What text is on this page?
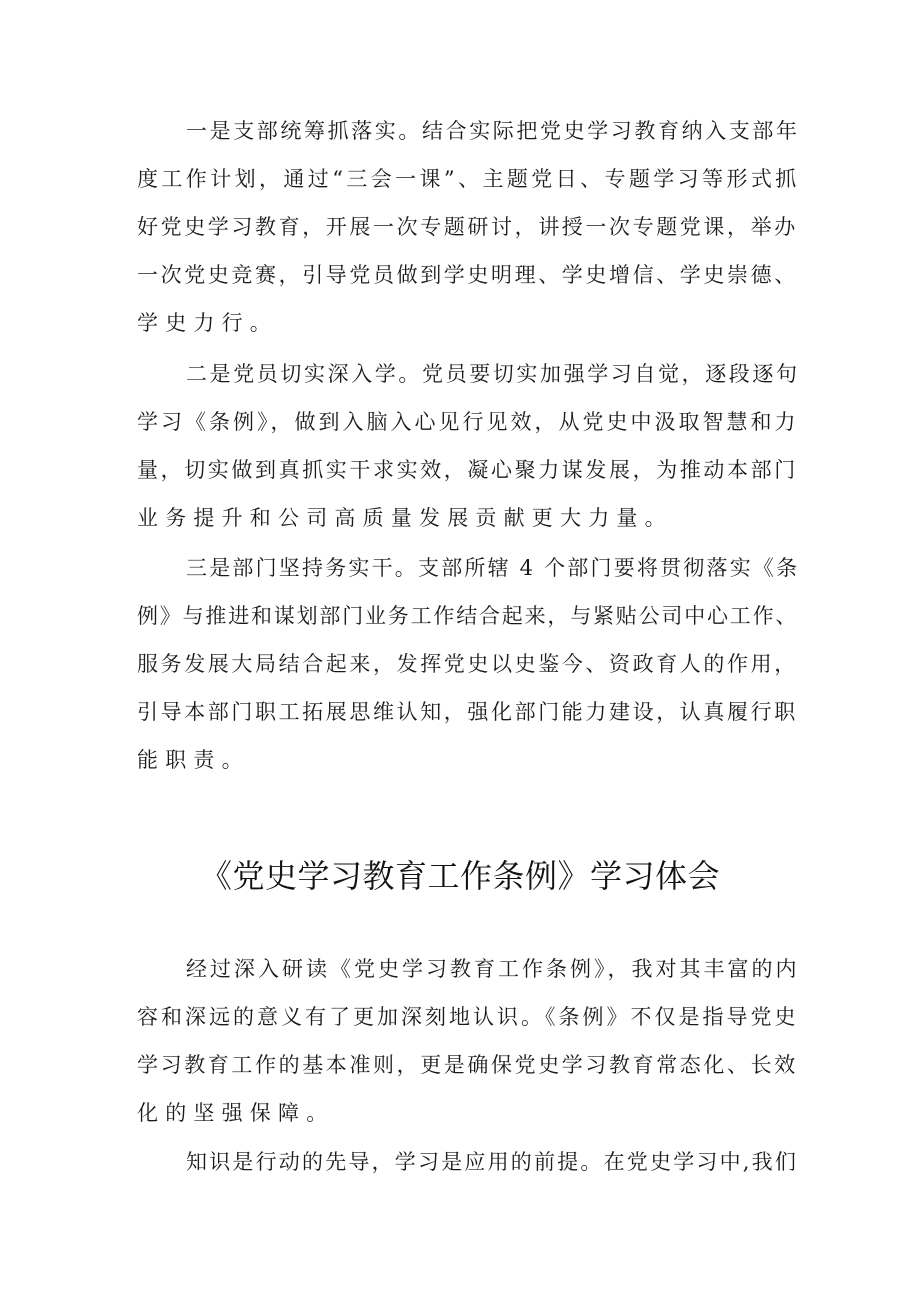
一是支部统筹抓落实。结合实际把党史学习教育纳入支部年
度工作计划，通过“三会一课”、主题党日、专题学习等形式抓
好党史学习教育，开展一次专题研讨，讲授一次专题党课，举办
一次党史竞赛，引导党员做到学史明理、学史增信、学史崇德、
学史力行。
二是党员切实深入学。党员要切实加强学习自觉，逐段逐句
学习《条例》，做到入脑入心见行见效，从党史中汲取智慧和力
量，切实做到真抓实干求实效，凝心聚力谋发展，为推动本部门
业务提升和公司高质量发展贡献更大力量。
三是部门坚持务实干。支部所辖 4 个部门要将贯彻落实《条
例》与推进和谋划部门业务工作结合起来，与紧贴公司中心工作、
服务发展大局结合起来，发挥党史以史鉴今、资政育人的作用，
引导本部门职工拓展思维认知，强化部门能力建设，认真履行职
能职责。
《党史学习教育工作条例》学习体会
经过深入研读《党史学习教育工作条例》，我对其丰富的内
容和深远的意义有了更加深刻地认识。《条例》不仅是指导党史
学习教育工作的基本准则，更是确保党史学习教育常态化、长效
化的坚强保障。
知识是行动的先导，学习是应用的前提。在党史学习中,我们
